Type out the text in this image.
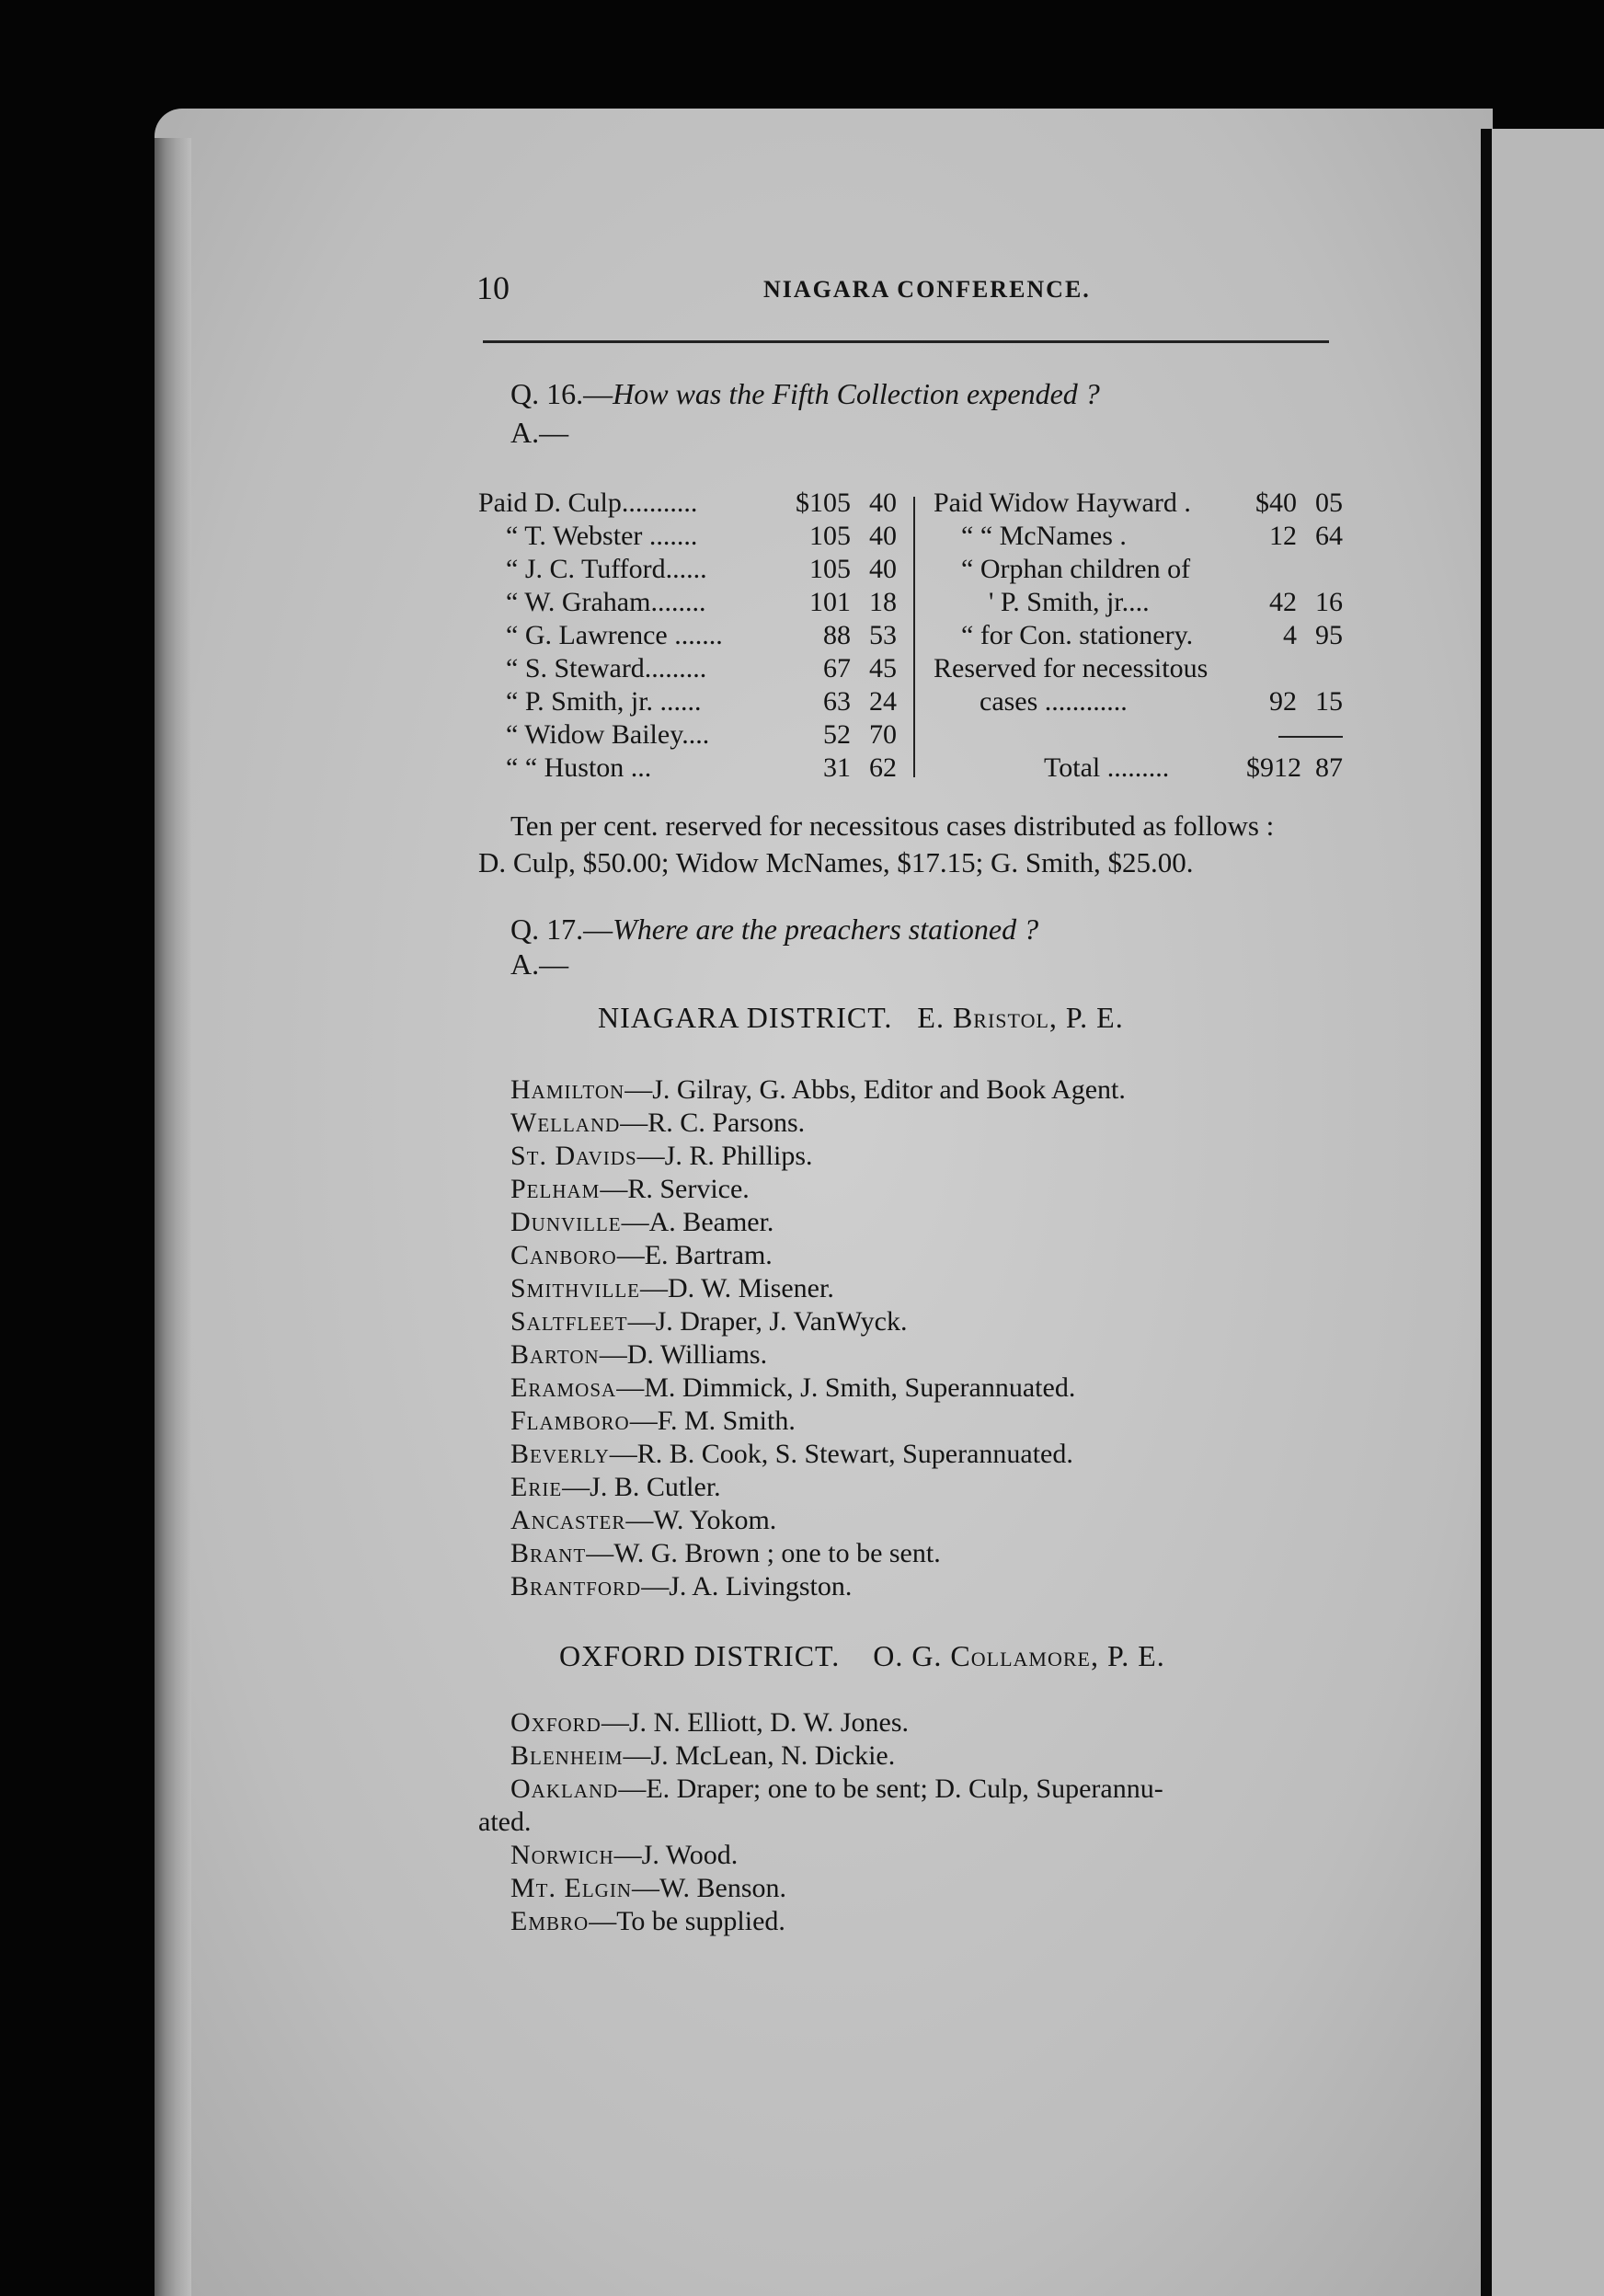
10	NIAGARA CONFERENCE.
Q. 16.—How was the Fifth Collection expended ?
A.—
Paid D. Culp...........	$105 40
“ T. Webster .......	105 40
“ J. C. Tufford......	105 40
“ W. Graham........	101 18
“ G. Lawrence .......	88 53
“ S. Steward.........	67 45
“ P. Smith, jr. ......	63 24
“ Widow Bailey....	52 70
“ “ Huston ...	31 62
Paid Widow Hayward .	$40 05
“ “ McNames .	12 64
“ Orphan children of
' P. Smith, jr....	42 16
“ for Con. stationery.	4 95
Reserved for necessitous
cases ............	92 15
Total .........	$912 87
Ten per cent. reserved for necessitous cases distributed as follows :
D. Culp, $50.00; Widow McNames, $17.15; G. Smith, $25.00.
Q. 17.—Where are the preachers stationed ?
A.—
NIAGARA DISTRICT. E. Bristol, P. E.
Hamilton—J. Gilray, G. Abbs, Editor and Book Agent.
Welland—R. C. Parsons.
St. Davids—J. R. Phillips.
Pelham—R. Service.
Dunville—A. Beamer.
Canboro—E. Bartram.
Smithville—D. W. Misener.
Saltfleet—J. Draper, J. VanWyck.
Barton—D. Williams.
Eramosa—M. Dimmick, J. Smith, Superannuated.
Flamboro—F. M. Smith.
Beverly—R. B. Cook, S. Stewart, Superannuated.
Erie—J. B. Cutler.
Ancaster—W. Yokom.
Brant—W. G. Brown ; one to be sent.
Brantford—J. A. Livingston.
OXFORD DISTRICT. O. G. Collamore, P. E.
Oxford—J. N. Elliott, D. W. Jones.
Blenheim—J. McLean, N. Dickie.
Oakland—E. Draper; one to be sent; D. Culp, Superannu-
ated.
Norwich—J. Wood.
Mt. Elgin—W. Benson.
Embro—To be supplied.
